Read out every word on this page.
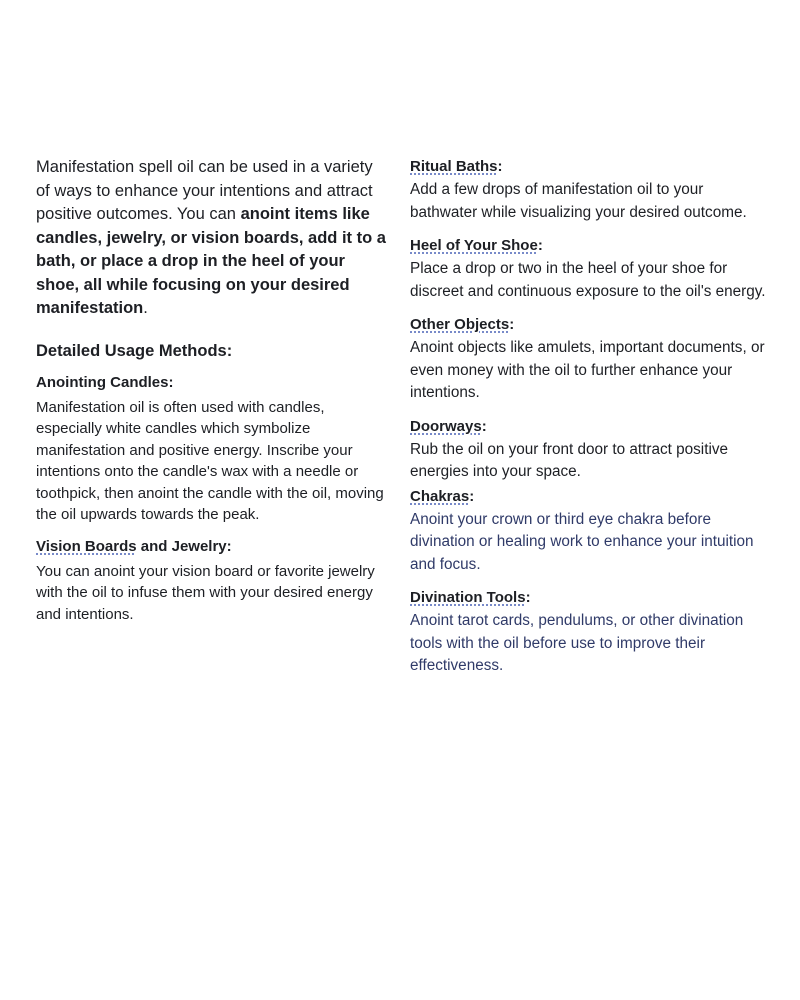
Manifestation spell oil can be used in a variety of ways to enhance your intentions and attract positive outcomes. You can anoint items like candles, jewelry, or vision boards, add it to a bath, or place a drop in the heel of your shoe, all while focusing on your desired manifestation.

Detailed Usage Methods:

Anointing Candles:

Manifestation oil is often used with candles, especially white candles which symbolize manifestation and positive energy. Inscribe your intentions onto the candle's wax with a needle or toothpick, then anoint the candle with the oil, moving the oil upwards towards the peak.

Vision Boards and Jewelry:

You can anoint your vision board or favorite jewelry with the oil to infuse them with your desired energy and intentions.

Ritual Baths:

Add a few drops of manifestation oil to your bathwater while visualizing your desired outcome.

Heel of Your Shoe:

Place a drop or two in the heel of your shoe for discreet and continuous exposure to the oil's energy.

Other Objects:

Anoint objects like amulets, important documents, or even money with the oil to further enhance your intentions.

Doorways:

Rub the oil on your front door to attract positive energies into your space.

Chakras:

Anoint your crown or third eye chakra before divination or healing work to enhance your intuition and focus.

Divination Tools:

Anoint tarot cards, pendulums, or other divination tools with the oil before use to improve their effectiveness.
